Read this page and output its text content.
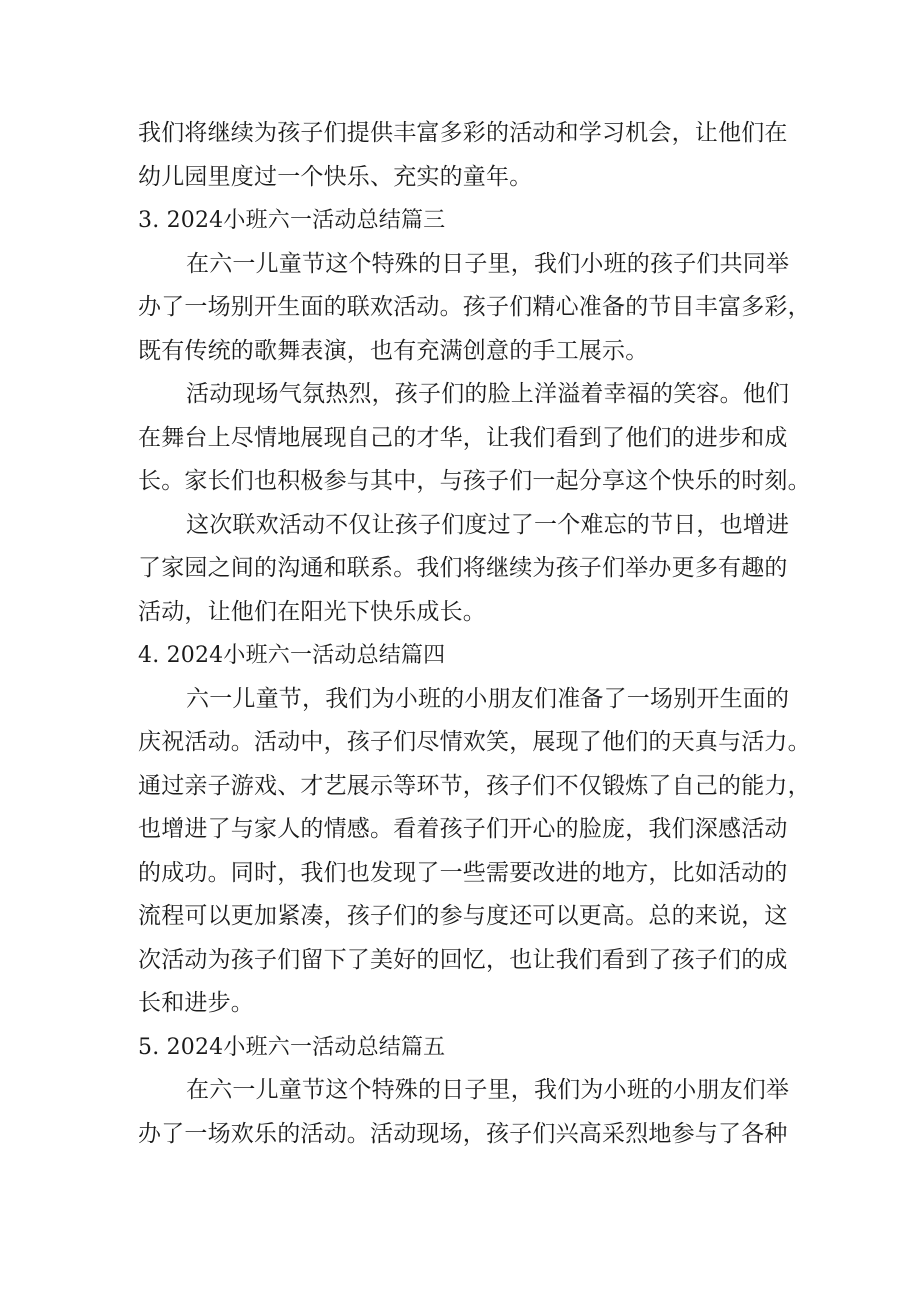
我们将继续为孩子们提供丰富多彩的活动和学习机会，让他们在
幼儿园里度过一个快乐、充实的童年。
3. 2024小班六一活动总结篇三
在六一儿童节这个特殊的日子里，我们小班的孩子们共同举
办了一场别开生面的联欢活动。孩子们精心准备的节目丰富多彩，
既有传统的歌舞表演，也有充满创意的手工展示。
活动现场气氛热烈，孩子们的脸上洋溢着幸福的笑容。他们
在舞台上尽情地展现自己的才华，让我们看到了他们的进步和成
长。家长们也积极参与其中，与孩子们一起分享这个快乐的时刻。
这次联欢活动不仅让孩子们度过了一个难忘的节日，也增进
了家园之间的沟通和联系。我们将继续为孩子们举办更多有趣的
活动，让他们在阳光下快乐成长。
4. 2024小班六一活动总结篇四
六一儿童节，我们为小班的小朋友们准备了一场别开生面的
庆祝活动。活动中，孩子们尽情欢笑，展现了他们的天真与活力。
通过亲子游戏、才艺展示等环节，孩子们不仅锻炼了自己的能力，
也增进了与家人的情感。看着孩子们开心的脸庞，我们深感活动
的成功。同时，我们也发现了一些需要改进的地方，比如活动的
流程可以更加紧凑，孩子们的参与度还可以更高。总的来说，这
次活动为孩子们留下了美好的回忆，也让我们看到了孩子们的成
长和进步。
5. 2024小班六一活动总结篇五
在六一儿童节这个特殊的日子里，我们为小班的小朋友们举
办了一场欢乐的活动。活动现场，孩子们兴高采烈地参与了各种
